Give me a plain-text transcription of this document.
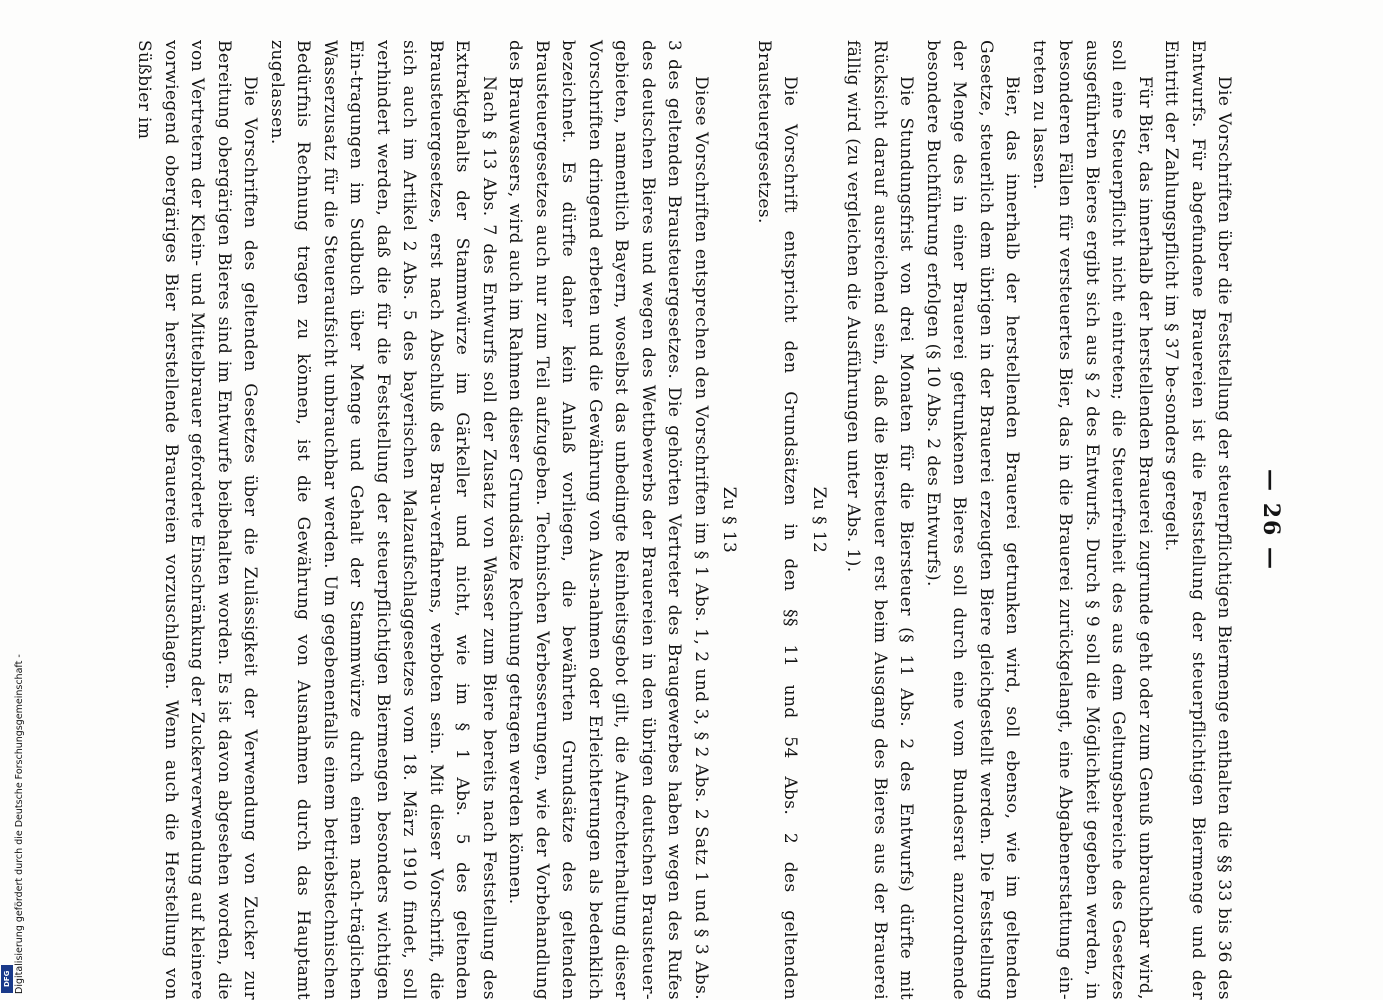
Digitalisierung gefördert durch die Deutsche Forschungsgemeinschaft -
DFG
— 26 —

Die Vorschriften über die Feststellung der steuerpflichtigen Biermenge enthalten die §§ 33 bis 36 des Entwurfs. Für abgefundene Brauereien ist die Feststellung der steuerpflichtigen Biermenge und der Eintritt der Zahlungspflicht im § 37 be-sonders geregelt.

Für Bier, das innerhalb der herstellenden Brauerei zugrunde geht oder zum Genuß unbrauchbar wird, soll eine Steuerpflicht nicht eintreten; die Steuerfreiheit des aus dem Geltungsbereiche des Gesetzes ausgeführten Bieres ergibt sich aus § 2 des Entwurfs. Durch § 9 soll die Möglichkeit gegeben werden, in besonderen Fällen für versteuertes Bier, das in die Brauerei zurückgelangt, eine Abgabenerstattung ein-treten zu lassen.

Bier, das innerhalb der herstellenden Brauerei getrunken wird, soll ebenso, wie im geltenden Gesetze, steuerlich dem übrigen in der Brauerei erzeugten Biere gleichgestellt werden. Die Feststellung der Menge des in einer Brauerei getrunkenen Bieres soll durch eine vom Bundesrat anzuordnende besondere Buchführung erfolgen (§ 10 Abs. 2 des Entwurfs).

Die Stundungsfrist von drei Monaten für die Biersteuer (§ 11 Abs. 2 des Entwurfs) dürfte mit Rücksicht darauf ausreichend sein, daß die Biersteuer erst beim Ausgang des Bieres aus der Brauerei fällig wird (zu vergleichen die Ausführungen unter Abs. 1).

Zu § 12

Die Vorschrift entspricht den Grundsätzen in den §§ 11 und 54 Abs. 2 des geltenden Brausteuergesetzes.

Zu § 13

Diese Vorschriften entsprechen den Vorschriften im § 1 Abs. 1, 2 und 3, § 2 Abs. 2 Satz 1 und § 3 Abs. 3 des geltenden Brausteuergesetzes. Die gehörten Vertreter des Braugewerbes haben wegen des Rufes des deutschen Bieres und wegen des Wettbewerbs der Brauereien in den übrigen deutschen Brausteuer-gebieten, namentlich Bayern, woselbst das unbedingte Reinheitsgebot gilt, die Aufrechterhaltung dieser Vorschriften dringend erbeten und die Gewährung von Aus-nahmen oder Erleichterungen als bedenklich bezeichnet. Es dürfte daher kein Anlaß vorliegen, die bewährten Grundsätze des geltenden Brausteuergesetzes auch nur zum Teil aufzugeben. Technischen Verbesserungen, wie der Vorbehandlung des Brauwassers, wird auch im Rahmen dieser Grundsätze Rechnung getragen werden können.

Nach § 13 Abs. 7 des Entwurfs soll der Zusatz von Wasser zum Biere bereits nach Feststellung des Extraktgehalts der Stammwürze im Gärkeller und nicht, wie im § 1 Abs. 5 des geltenden Brausteuergesetzes, erst nach Abschluß des Brau-verfahrens, verboten sein. Mit dieser Vorschrift, die sich auch im Artikel 2 Abs. 5 des bayerischen Malzaufschlaggesetzes vom 18. März 1910 findet, soll verhindert werden, daß die für die Feststellung der steuerpflichtigen Biermengen besonders wichtigen Ein-tragungen im Sudbuch über Menge und Gehalt der Stammwürze durch einen nach-träglichen Wasserzusatz für die Steueraufsicht unbrauchbar werden. Um gegebenenfalls einem betriebstechnischen Bedürfnis Rechnung tragen zu können, ist die Gewährung von Ausnahmen durch das Hauptamt zugelassen.

Die Vorschriften des geltenden Gesetzes über die Zulässigkeit der Verwendung von Zucker zur Bereitung obergärigen Bieres sind im Entwurfe beibehalten worden. Es ist davon abgesehen worden, die von Vertretern der Klein- und Mittelbrauer geforderte Einschränkung der Zuckerverwendung auf kleinere vorwiegend obergäriges Bier herstellende Brauereien vorzuschlagen. Wenn auch die Herstellung von Süßbier im
